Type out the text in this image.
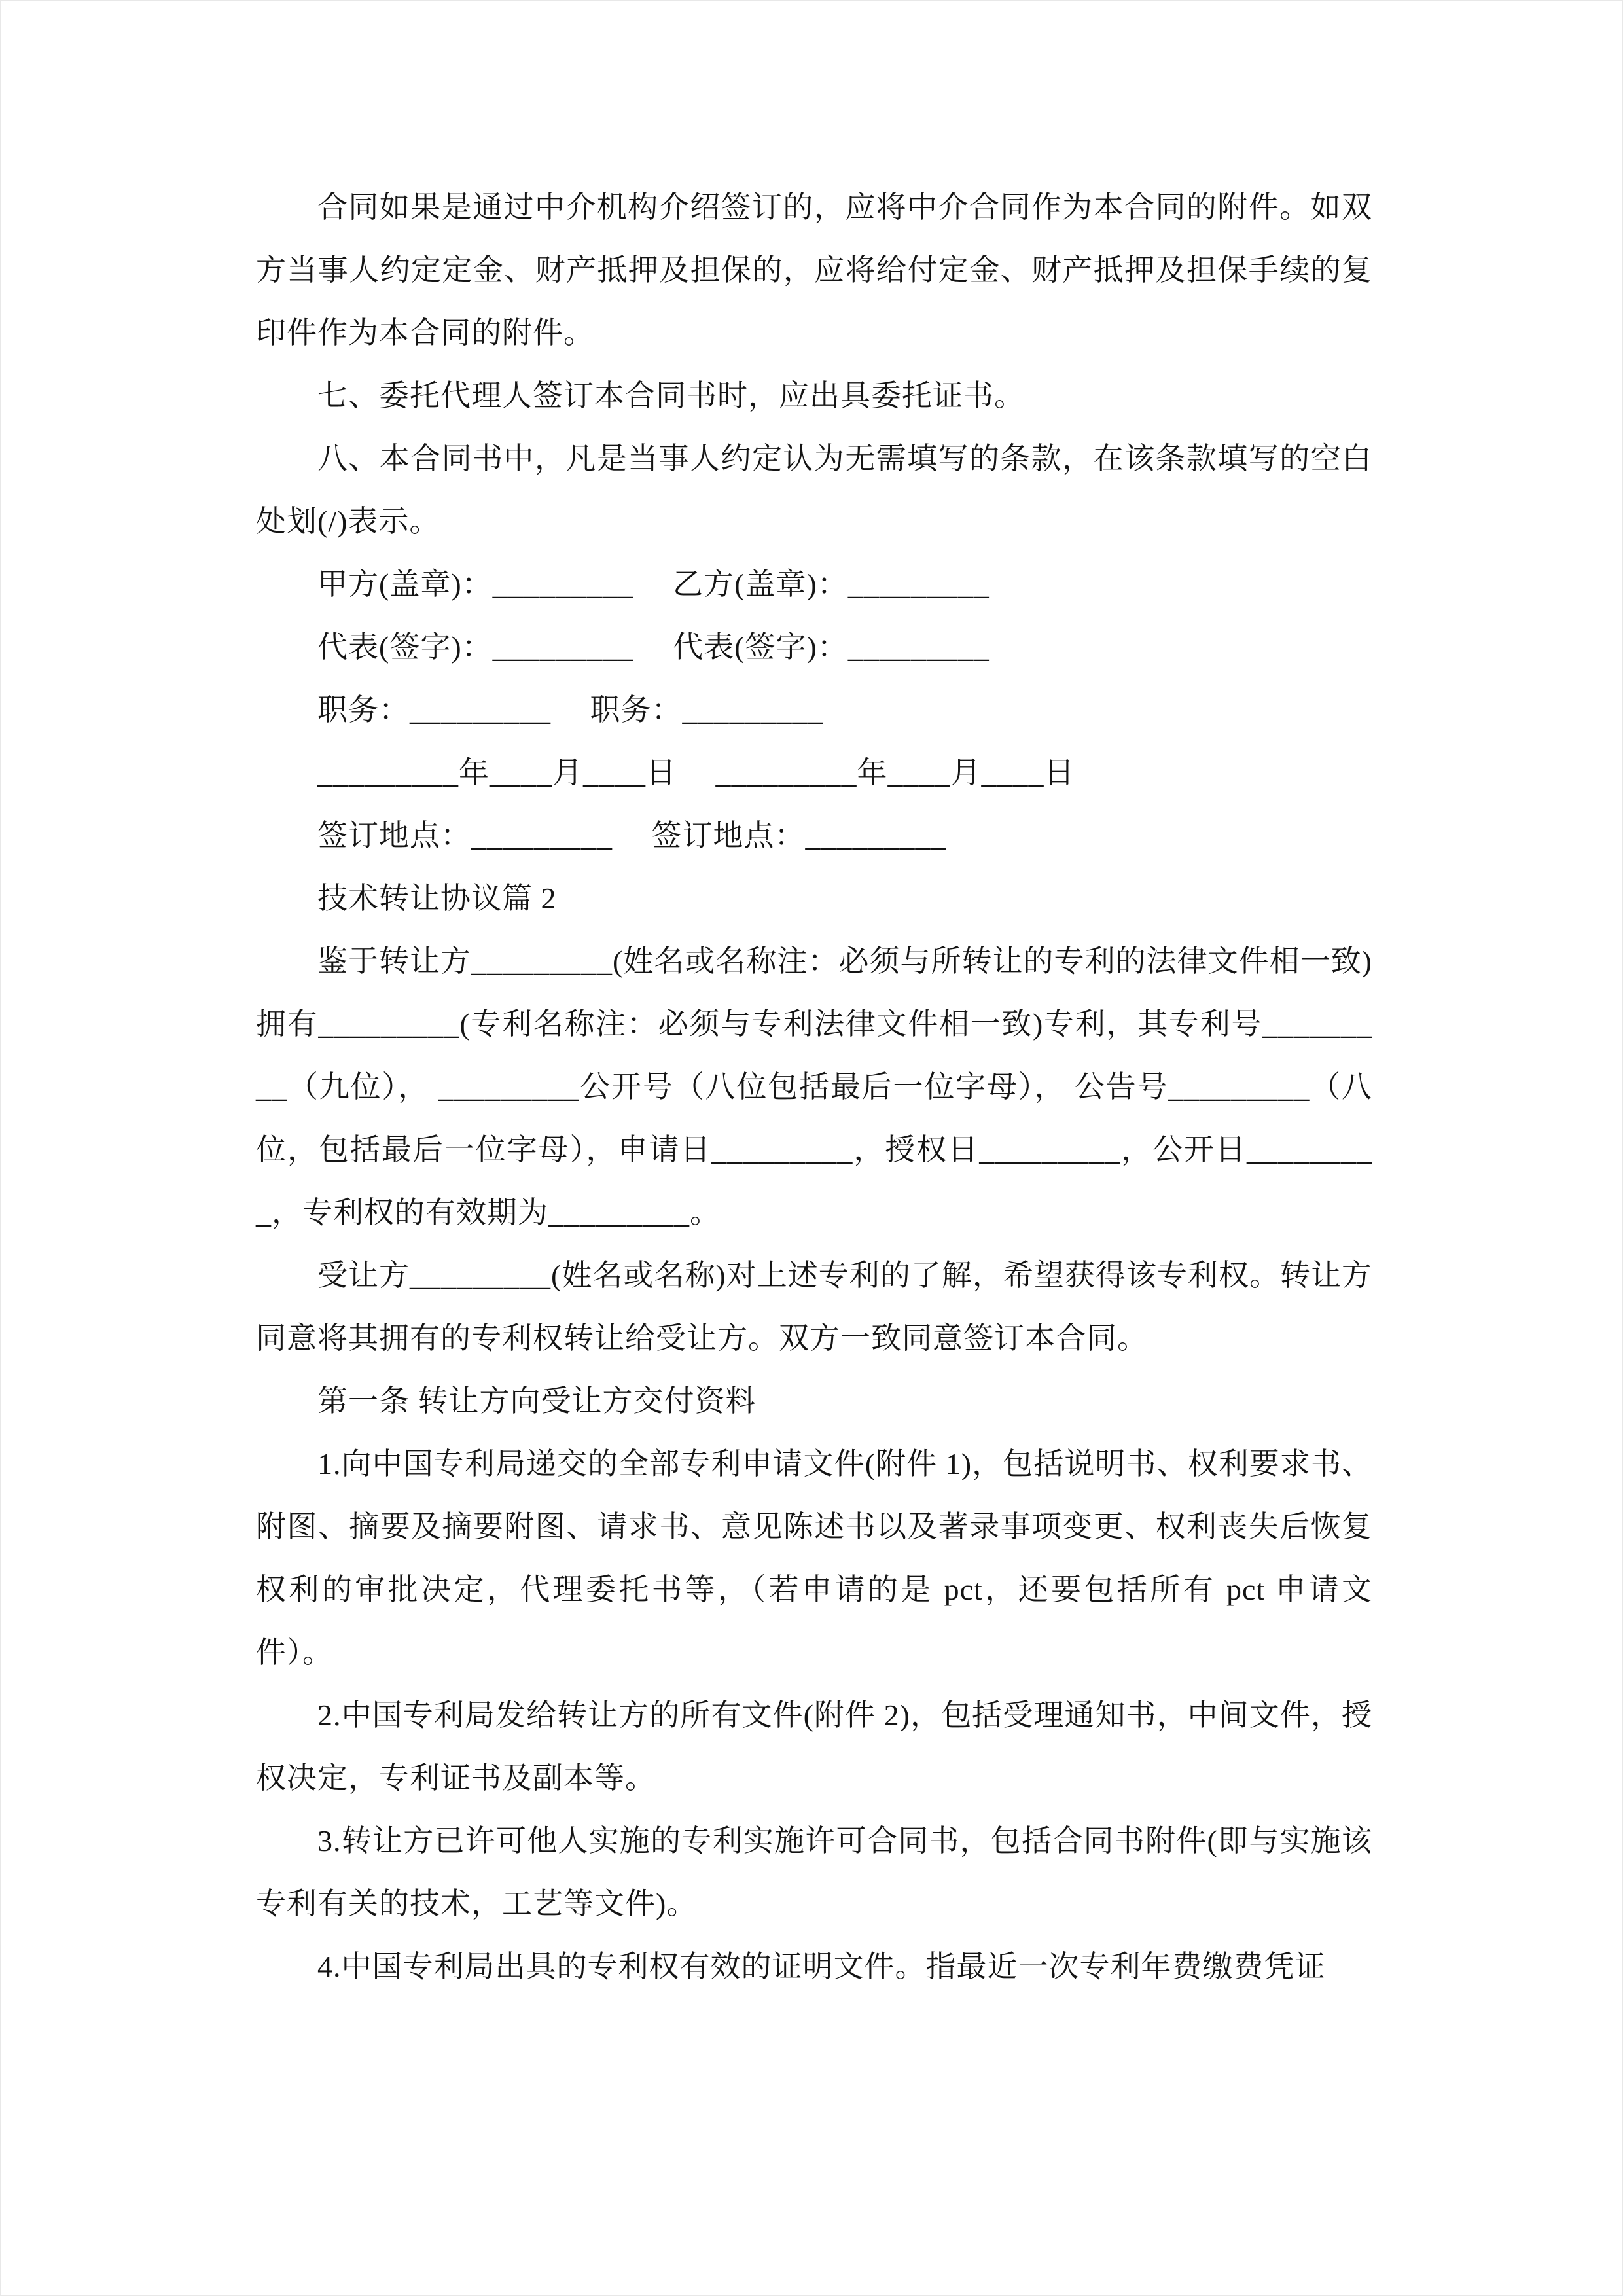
合同如果是通过中介机构介绍签订的，应将中介合同作为本合同的附件。如双方当事人约定定金、财产抵押及担保的，应将给付定金、财产抵押及担保手续的复印件作为本合同的附件。

七、委托代理人签订本合同书时，应出具委托证书。

八、本合同书中，凡是当事人约定认为无需填写的条款，在该条款填写的空白处划(/)表示。

甲方(盖章)：_________　 乙方(盖章)：_________

代表(签字)：_________　 代表(签字)：_________

职务：_________　 职务：_________

_________年____月____日　 _________年____月____日

签订地点：_________　 签订地点：_________

技术转让协议篇 2

鉴于转让方_________(姓名或名称注：必须与所转让的专利的法律文件相一致)拥有_________(专利名称注：必须与专利法律文件相一致)专利，其专利号_________（九位）， _________公开号（八位包括最后一位字母）， 公告号_________（八位，包括最后一位字母），申请日_________，授权日_________，公开日_________，专利权的有效期为_________。

受让方_________(姓名或名称)对上述专利的了解，希望获得该专利权。转让方同意将其拥有的专利权转让给受让方。双方一致同意签订本合同。

第一条 转让方向受让方交付资料

1.向中国专利局递交的全部专利申请文件(附件 1)，包括说明书、权利要求书、附图、摘要及摘要附图、请求书、意见陈述书以及著录事项变更、权利丧失后恢复权利的审批决定，代理委托书等，（若申请的是 pct，还要包括所有 pct 申请文件）。

2.中国专利局发给转让方的所有文件(附件 2)，包括受理通知书，中间文件，授权决定，专利证书及副本等。

3.转让方已许可他人实施的专利实施许可合同书，包括合同书附件(即与实施该专利有关的技术，工艺等文件)。

4.中国专利局出具的专利权有效的证明文件。指最近一次专利年费缴费凭证
